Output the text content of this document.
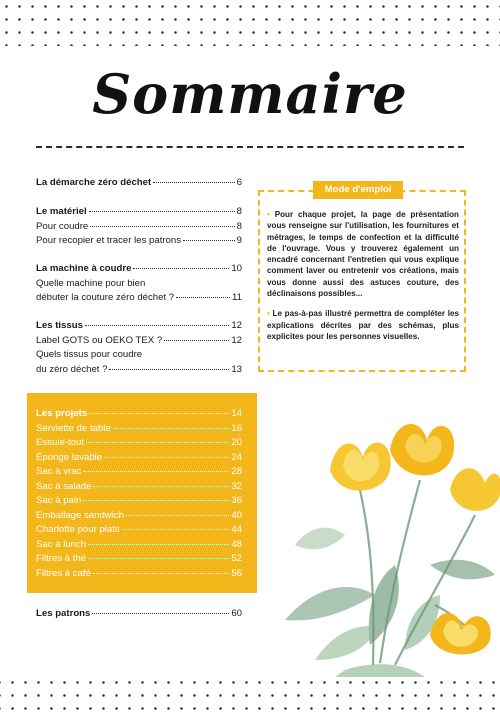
Sommaire
La démarche zéro déchet	6
Le matériel	8
Pour coudre	8
Pour recopier et tracer les patrons	9
La machine à coudre	10
Quelle machine pour bien
débuter la couture zéro déchet ?	11
Les tissus	12
Label GOTS ou OEKO TEX ?	12
Quels tissus pour coudre
du zéro déchet ?	13
Les projets	14
Serviette de table	16
Essuie-tout	20
Éponge lavable	24
Sac à vrac	28
Sac à salade	32
Sac à pain	36
Emballage sandwich	40
Charlotte pour plats	44
Sac à lunch	48
Filtres à thé	52
Filtres à café	56
Les patrons	60
Mode d'emploi

• Pour chaque projet, la page de présentation vous renseigne sur l'utilisation, les fournitures et métrages, le temps de confection et la difficulté de l'ouvrage. Vous y trouverez également un encadré concernant l'entretien qui vous explique comment laver ou entretenir vos créations, mais vous donne aussi des astuces couture, des déclinaisons possibles...

• Le pas-à-pas illustré permettra de compléter les explications décrites par des schémas, plus explicites pour les personnes visuelles.
